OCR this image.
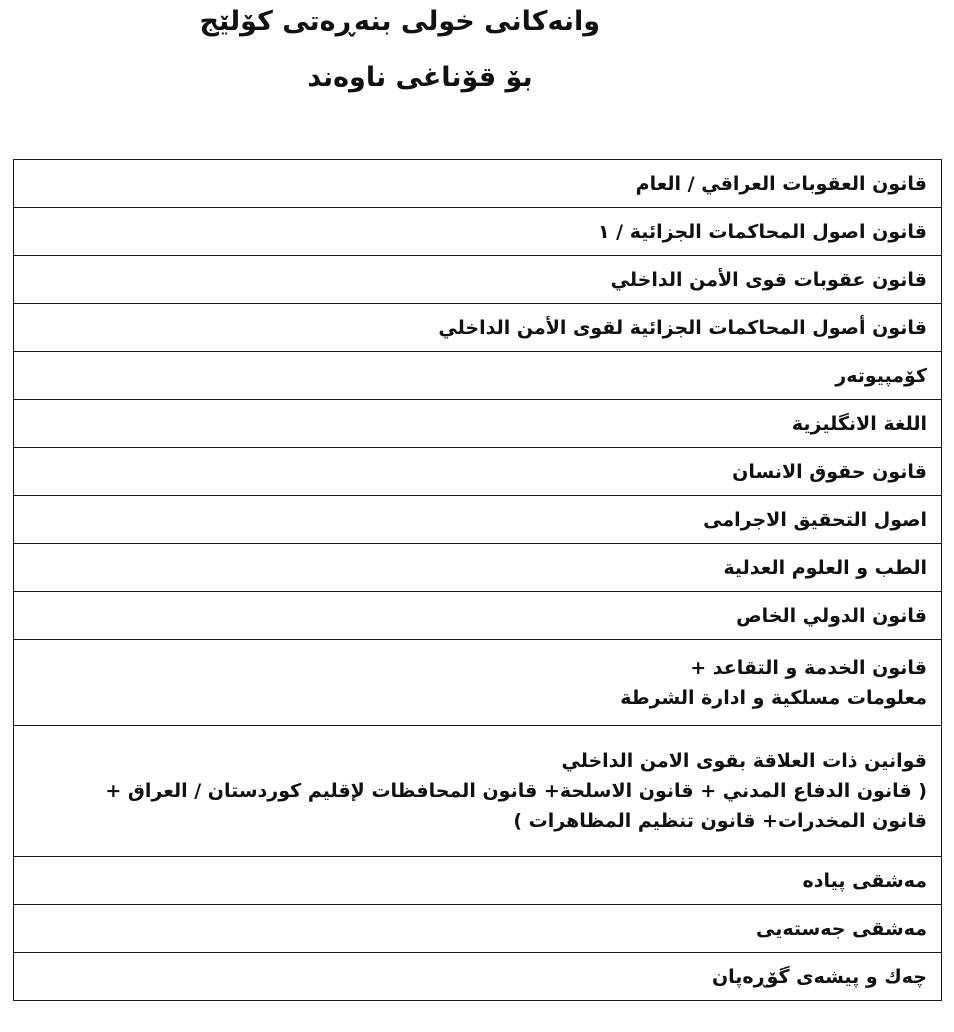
وانەکانی خولی بنەڕەتی کۆلێج
بۆ قۆناغی ناوەند
قانون العقوبات العراقي / العام

قانون اصول المحاكمات الجزائية / ۱

قانون عقوبات قوى الأمن الداخلي

قانون أصول المحاكمات الجزائية لقوى الأمن الداخلي

كۆمپیوتەر

اللغة الانگليزية

قانون حقوق الانسان

اصول التحقيق الاجرامى

الطب و العلوم العدلية

قانون الدولي الخاص

قانون الخدمة و التقاعد +
معلومات مسلكية و ادارة الشرطة

قوانين ذات العلاقة بقوى الامن الداخلي
( قانون الدفاع المدني + قانون الاسلحة+ قانون المحافظات لإقليم كوردستان / العراق +
قانون المخدرات+ قانون تنظيم المظاهرات )

مەشقی پیادە

مەشقی جەستەیی

چەك و پیشەی گۆڕەپان
